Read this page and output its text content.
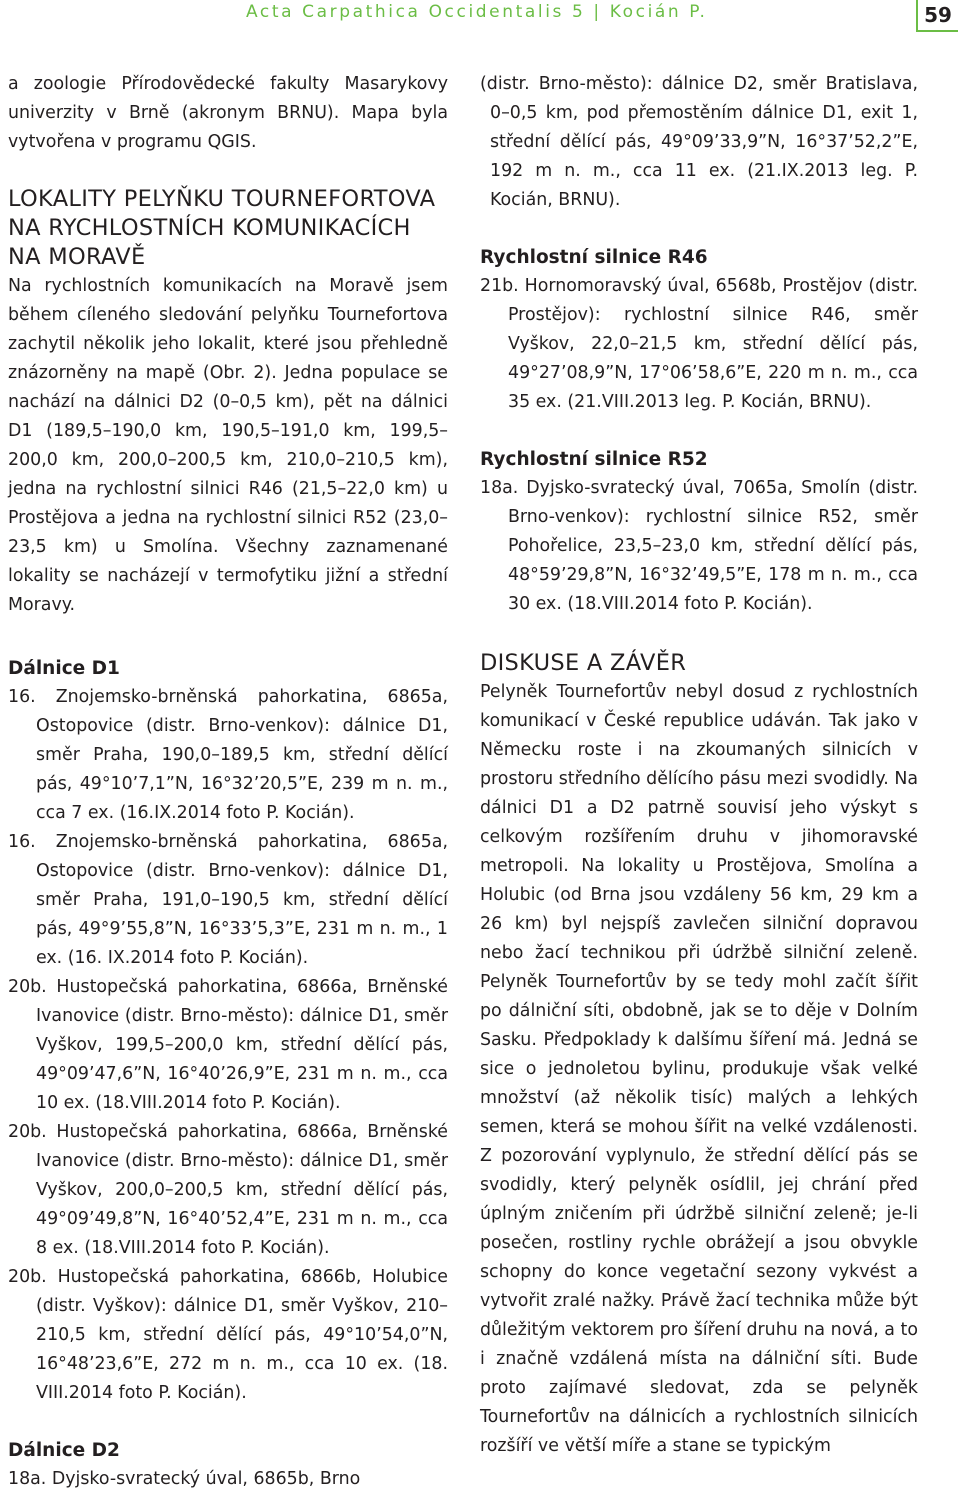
Acta Carpathica Occidentalis 5 | Kocián P.	59

a zoologie Přírodovědecké fakulty Masarykovy univerzity v Brně (akronym BRNU). Mapa byla vytvořena v programu QGIS.

LOKALITY PELYŇKU TOURNEFORTOVA NA RYCHLOSTNÍCH KOMUNIKACÍCH NA MORAVĚ

Na rychlostních komunikacích na Moravě jsem během cíleného sledování pelyňku Tournefortova zachytil několik jeho lokalit, které jsou přehledně znázorněny na mapě (Obr. 2). Jedna populace se nachází na dálnici D2 (0–0,5 km), pět na dálnici D1 (189,5–190,0 km, 190,5–191,0 km, 199,5–200,0 km, 200,0–200,5 km, 210,0–210,5 km), jedna na rychlostní silnici R46 (21,5–22,0 km) u Prostějova a jedna na rychlostní silnici R52 (23,0–23,5 km) u Smolína. Všechny zaznamenané lokality se nacházejí v termofytiku jižní a střední Moravy.

Dálnice D1

16. Znojemsko-brněnská pahorkatina, 6865a, Ostopovice (distr. Brno-venkov): dálnice D1, směr Praha, 190,0–189,5 km, střední dělící pás, 49°10’7,1”N, 16°32’20,5”E, 239 m n. m., cca 7 ex. (16.IX.2014 foto P. Kocián).

16. Znojemsko-brněnská pahorkatina, 6865a, Ostopovice (distr. Brno-venkov): dálnice D1, směr Praha, 191,0–190,5 km, střední dělící pás, 49°9’55,8”N, 16°33’5,3”E, 231 m n. m., 1 ex. (16. IX.2014 foto P. Kocián).

20b. Hustopečská pahorkatina, 6866a, Brněnské Ivanovice (distr. Brno-město): dálnice D1, směr Vyškov, 199,5–200,0 km, střední dělící pás, 49°09’47,6”N, 16°40’26,9”E, 231 m n. m., cca 10 ex. (18.VIII.2014 foto P. Kocián).

20b. Hustopečská pahorkatina, 6866a, Brněnské Ivanovice (distr. Brno-město): dálnice D1, směr Vyškov, 200,0–200,5 km, střední dělící pás, 49°09’49,8”N, 16°40’52,4”E, 231 m n. m., cca 8 ex. (18.VIII.2014 foto P. Kocián).

20b. Hustopečská pahorkatina, 6866b, Holubice (distr. Vyškov): dálnice D1, směr Vyškov, 210–210,5 km, střední dělící pás, 49°10’54,0”N, 16°48’23,6”E, 272 m n. m., cca 10 ex. (18. VIII.2014 foto P. Kocián).

Dálnice D2

18a. Dyjsko-svratecký úval, 6865b, Brno

(distr. Brno-město): dálnice D2, směr Bratislava, 0–0,5 km, pod přemostěním dálnice D1, exit 1, střední dělící pás, 49°09’33,9”N, 16°37’52,2”E, 192 m n. m., cca 11 ex. (21.IX.2013 leg. P. Kocián, BRNU).

Rychlostní silnice R46

21b. Hornomoravský úval, 6568b, Prostějov (distr. Prostějov): rychlostní silnice R46, směr Vyškov, 22,0–21,5 km, střední dělící pás, 49°27’08,9”N, 17°06’58,6”E, 220 m n. m., cca 35 ex. (21.VIII.2013 leg. P. Kocián, BRNU).

Rychlostní silnice R52

18a. Dyjsko-svratecký úval, 7065a, Smolín (distr. Brno-venkov): rychlostní silnice R52, směr Pohořelice, 23,5–23,0 km, střední dělící pás, 48°59’29,8”N, 16°32’49,5”E, 178 m n. m., cca 30 ex. (18.VIII.2014 foto P. Kocián).

DISKUSE A ZÁVĚR

Pelyněk Tournefortův nebyl dosud z rychlostních komunikací v České republice udáván. Tak jako v Německu roste i na zkoumaných silnicích v prostoru středního dělícího pásu mezi svodidly. Na dálnici D1 a D2 patrně souvisí jeho výskyt s celkovým rozšířením druhu v jihomoravské metropoli. Na lokality u Prostějova, Smolína a Holubic (od Brna jsou vzdáleny 56 km, 29 km a 26 km) byl nejspíš zavlečen silniční dopravou nebo žací technikou při údržbě silniční zeleně. Pelyněk Tournefortův by se tedy mohl začít šířit po dálniční síti, obdobně, jak se to děje v Dolním Sasku. Předpoklady k dalšímu šíření má. Jedná se sice o jednoletou bylinu, produkuje však velké množství (až několik tisíc) malých a lehkých semen, která se mohou šířit na velké vzdálenosti. Z pozorování vyplynulo, že střední dělící pás se svodidly, který pelyněk osídlil, jej chrání před úplným zničením při údržbě silniční zeleně; je-li posečen, rostliny rychle obrážejí a jsou obvykle schopny do konce vegetační sezony vykvést a vytvořit zralé nažky. Právě žací technika může být důležitým vektorem pro šíření druhu na nová, a to i značně vzdálená místa na dálniční síti. Bude proto zajímavé sledovat, zda se pelyněk Tournefortův na dálnicích a rychlostních silnicích rozšíří ve větší míře a stane se typickým
